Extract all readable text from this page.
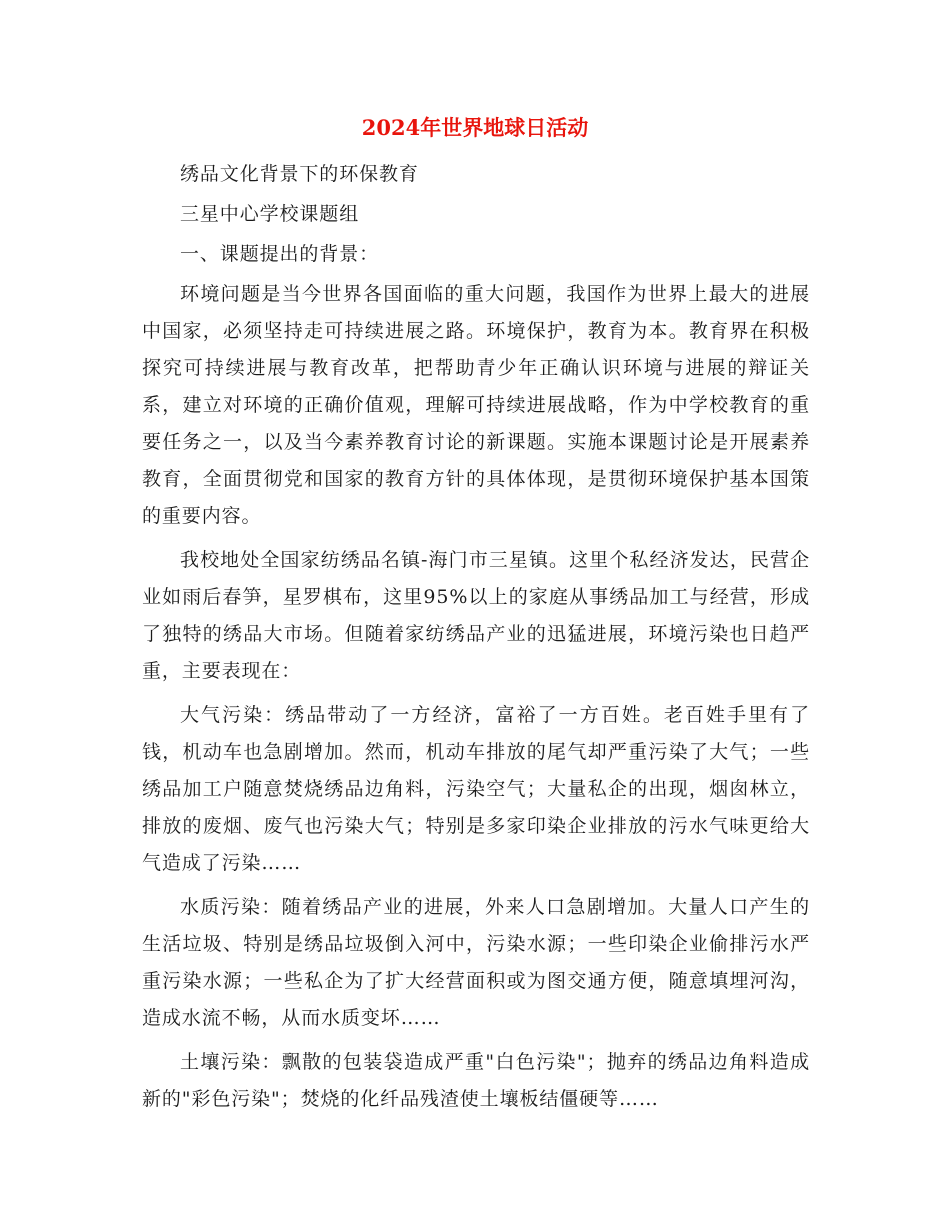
2024年世界地球日活动

绣品文化背景下的环保教育

三星中心学校课题组

一、课题提出的背景：

环境问题是当今世界各国面临的重大问题，我国作为世界上最大的进展中国家，必须坚持走可持续进展之路。环境保护，教育为本。教育界在积极探究可持续进展与教育改革，把帮助青少年正确认识环境与进展的辩证关系，建立对环境的正确价值观，理解可持续进展战略，作为中学校教育的重要任务之一，以及当今素养教育讨论的新课题。实施本课题讨论是开展素养教育，全面贯彻党和国家的教育方针的具体体现，是贯彻环境保护基本国策的重要内容。

我校地处全国家纺绣品名镇-海门市三星镇。这里个私经济发达，民营企业如雨后春笋，星罗棋布，这里95%以上的家庭从事绣品加工与经营，形成了独特的绣品大市场。但随着家纺绣品产业的迅猛进展，环境污染也日趋严重，主要表现在：

大气污染：绣品带动了一方经济，富裕了一方百姓。老百姓手里有了钱，机动车也急剧增加。然而，机动车排放的尾气却严重污染了大气；一些绣品加工户随意焚烧绣品边角料，污染空气；大量私企的出现，烟囱林立，排放的废烟、废气也污染大气；特别是多家印染企业排放的污水气味更给大气造成了污染……

水质污染：随着绣品产业的进展，外来人口急剧增加。大量人口产生的生活垃圾、特别是绣品垃圾倒入河中，污染水源；一些印染企业偷排污水严重污染水源；一些私企为了扩大经营面积或为图交通方便，随意填埋河沟，造成水流不畅，从而水质变坏……

土壤污染：飘散的包装袋造成严重"白色污染"；抛弃的绣品边角料造成新的"彩色污染"；焚烧的化纤品残渣使土壤板结僵硬等……
